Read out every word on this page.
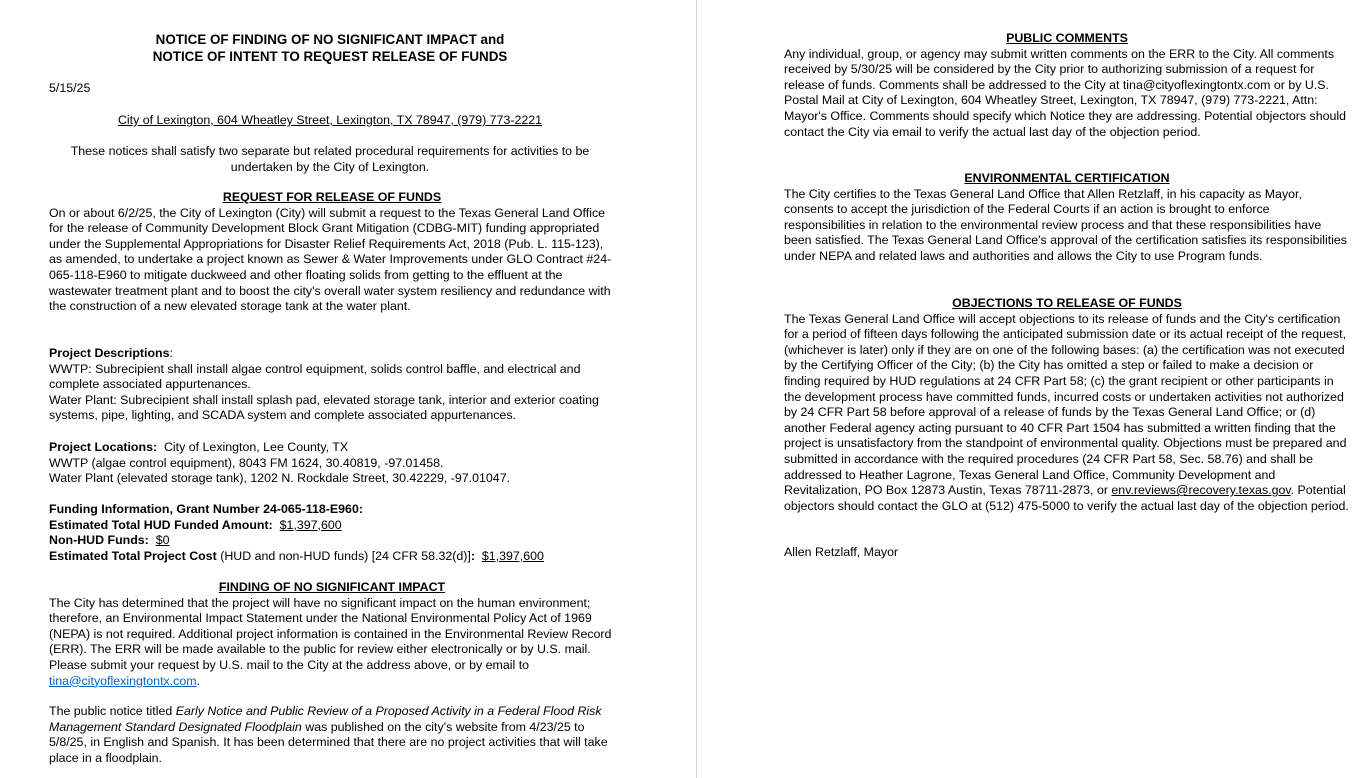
NOTICE OF FINDING OF NO SIGNIFICANT IMPACT and
NOTICE OF INTENT TO REQUEST RELEASE OF FUNDS
5/15/25
City of Lexington, 604 Wheatley Street, Lexington, TX 78947, (979) 773-2221
These notices shall satisfy two separate but related procedural requirements for activities to be undertaken by the City of Lexington.
REQUEST FOR RELEASE OF FUNDS

On or about 6/2/25, the City of Lexington (City) will submit a request to the Texas General Land Office for the release of Community Development Block Grant Mitigation (CDBG-MIT) funding appropriated under the Supplemental Appropriations for Disaster Relief Requirements Act, 2018 (Pub. L. 115-123), as amended, to undertake a project known as Sewer & Water Improvements under GLO Contract #24-065-118-E960 to mitigate duckweed and other floating solids from getting to the effluent at the wastewater treatment plant and to boost the city's overall water system resiliency and redundance with the construction of a new elevated storage tank at the water plant.

Project Descriptions:

WWTP: Subrecipient shall install algae control equipment, solids control baffle, and electrical and complete associated appurtenances.

Water Plant: Subrecipient shall install splash pad, elevated storage tank, interior and exterior coating systems, pipe, lighting, and SCADA system and complete associated appurtenances.

Project Locations:  City of Lexington, Lee County, TX

WWTP (algae control equipment), 8043 FM 1624, 30.40819, -97.01458.

Water Plant (elevated storage tank), 1202 N. Rockdale Street, 30.42229, -97.01047.

Funding Information, Grant Number 24-065-118-E960:

Estimated Total HUD Funded Amount: $1,397,600

Non-HUD Funds: $0

Estimated Total Project Cost (HUD and non-HUD funds) [24 CFR 58.32(d)]: $1,397,600

FINDING OF NO SIGNIFICANT IMPACT

The City has determined that the project will have no significant impact on the human environment; therefore, an Environmental Impact Statement under the National Environmental Policy Act of 1969 (NEPA) is not required. Additional project information is contained in the Environmental Review Record (ERR). The ERR will be made available to the public for review either electronically or by U.S. mail. Please submit your request by U.S. mail to the City at the address above, or by email to tina@cityoflexingtontx.com.

The public notice titled Early Notice and Public Review of a Proposed Activity in a Federal Flood Risk Management Standard Designated Floodplain was published on the city's website from 4/23/25 to 5/8/25, in English and Spanish. It has been determined that there are no project activities that will take place in a floodplain.

PUBLIC COMMENTS

Any individual, group, or agency may submit written comments on the ERR to the City. All comments received by 5/30/25 will be considered by the City prior to authorizing submission of a request for release of funds. Comments shall be addressed to the City at tina@cityoflexingtontx.com or by U.S. Postal Mail at City of Lexington, 604 Wheatley Street, Lexington, TX 78947, (979) 773-2221, Attn: Mayor's Office. Comments should specify which Notice they are addressing. Potential objectors should contact the City via email to verify the actual last day of the objection period.

ENVIRONMENTAL CERTIFICATION

The City certifies to the Texas General Land Office that Allen Retzlaff, in his capacity as Mayor, consents to accept the jurisdiction of the Federal Courts if an action is brought to enforce responsibilities in relation to the environmental review process and that these responsibilities have been satisfied. The Texas General Land Office's approval of the certification satisfies its responsibilities under NEPA and related laws and authorities and allows the City to use Program funds.

OBJECTIONS TO RELEASE OF FUNDS

The Texas General Land Office will accept objections to its release of funds and the City's certification for a period of fifteen days following the anticipated submission date or its actual receipt of the request, (whichever is later) only if they are on one of the following bases: (a) the certification was not executed by the Certifying Officer of the City; (b) the City has omitted a step or failed to make a decision or finding required by HUD regulations at 24 CFR Part 58; (c) the grant recipient or other participants in the development process have committed funds, incurred costs or undertaken activities not authorized by 24 CFR Part 58 before approval of a release of funds by the Texas General Land Office; or (d) another Federal agency acting pursuant to 40 CFR Part 1504 has submitted a written finding that the project is unsatisfactory from the standpoint of environmental quality. Objections must be prepared and submitted in accordance with the required procedures (24 CFR Part 58, Sec. 58.76) and shall be addressed to Heather Lagrone, Texas General Land Office, Community Development and Revitalization, PO Box 12873 Austin, Texas 78711-2873, or env.reviews@recovery.texas.gov. Potential objectors should contact the GLO at (512) 475-5000 to verify the actual last day of the objection period.

Allen Retzlaff, Mayor
